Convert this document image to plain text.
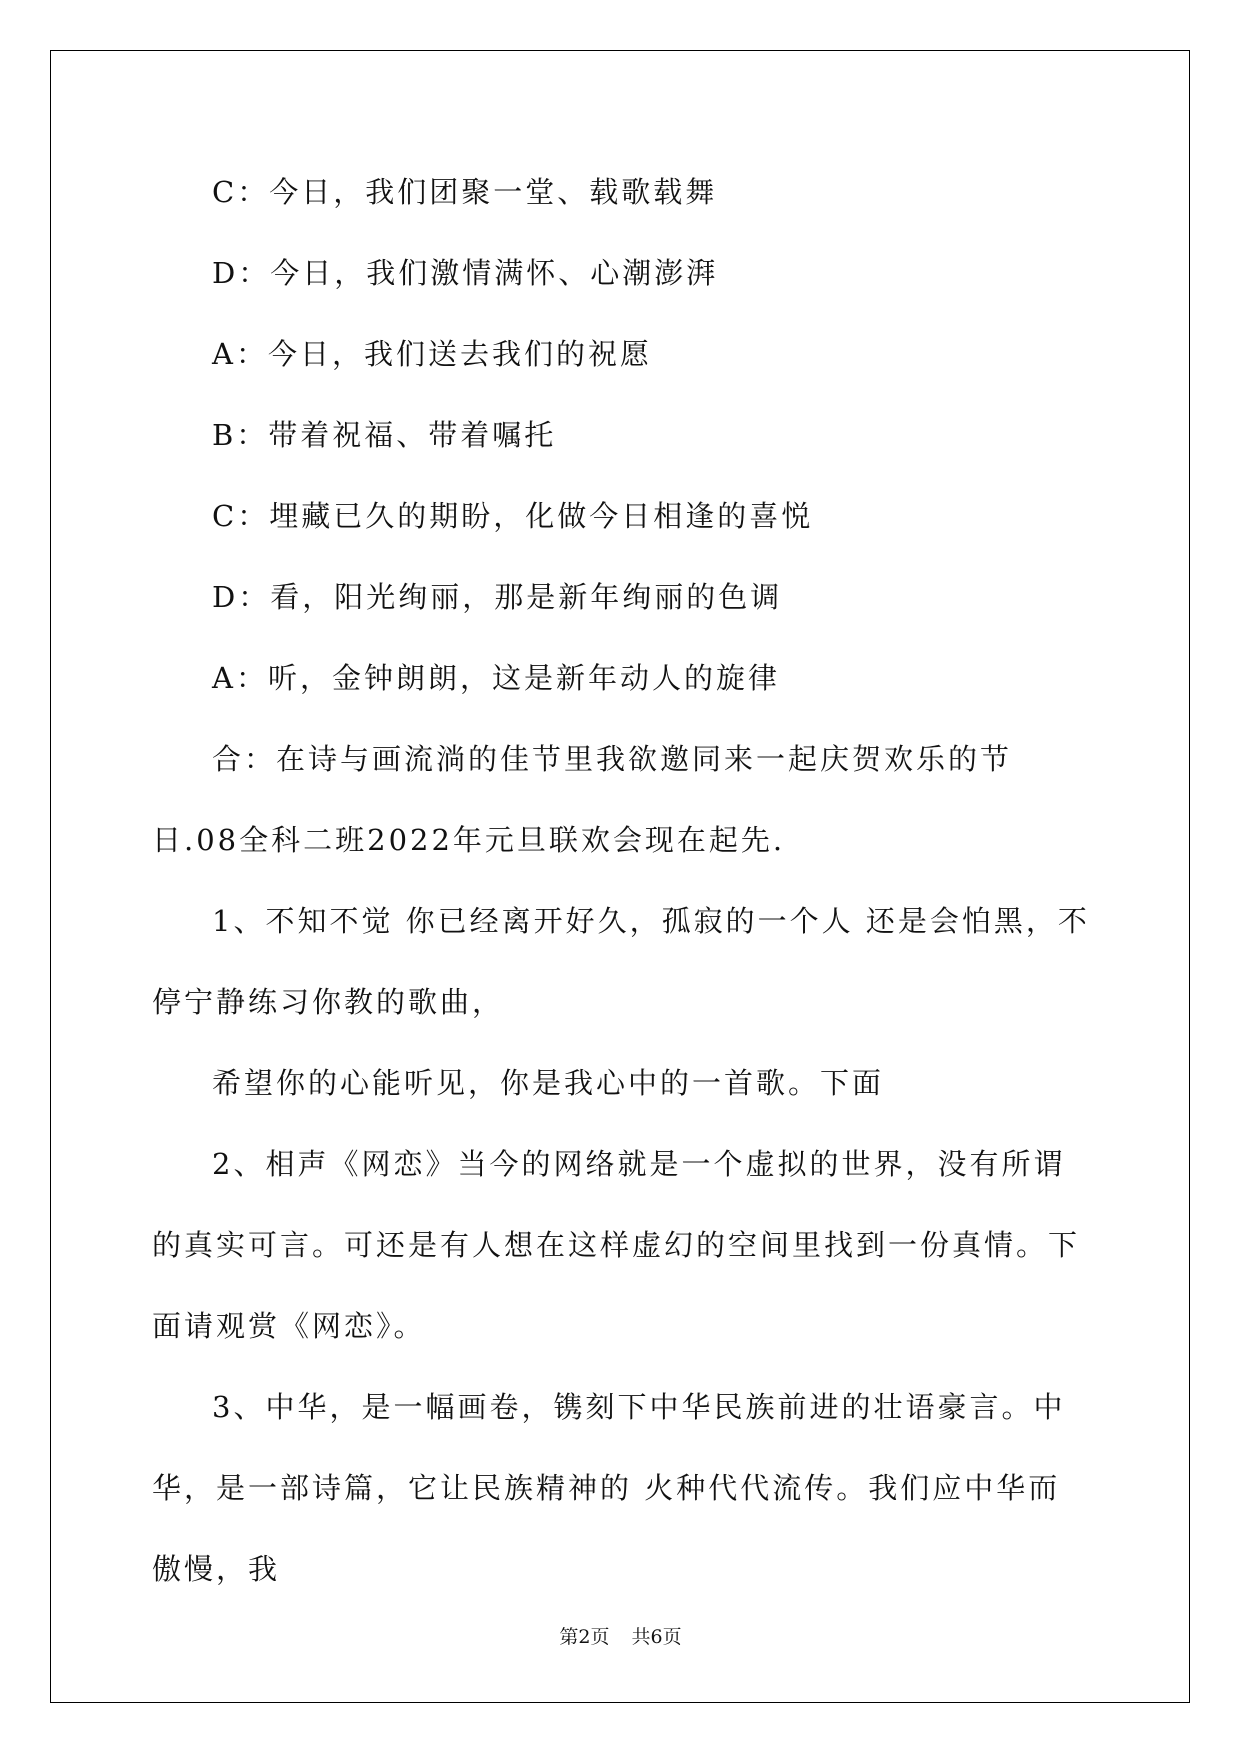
C：今日，我们团聚一堂、载歌载舞

D：今日，我们激情满怀、心潮澎湃

A：今日，我们送去我们的祝愿

B：带着祝福、带着嘱托

C：埋藏已久的期盼，化做今日相逢的喜悦

D：看，阳光绚丽，那是新年绚丽的色调

A：听，金钟朗朗，这是新年动人的旋律

合：在诗与画流淌的佳节里我欲邀同来一起庆贺欢乐的节日.08全科二班2022年元旦联欢会现在起先.

1、不知不觉 你已经离开好久，孤寂的一个人 还是会怕黑，不停宁静练习你教的歌曲，

希望你的心能听见，你是我心中的一首歌。下面

2、相声《网恋》当今的网络就是一个虚拟的世界，没有所谓的真实可言。可还是有人想在这样虚幻的空间里找到一份真情。下面请观赏《网恋》。

3、中华，是一幅画卷，镌刻下中华民族前进的壮语豪言。中华，是一部诗篇，它让民族精神的 火种代代流传。我们应中华而傲慢，我

第2页 共6页
